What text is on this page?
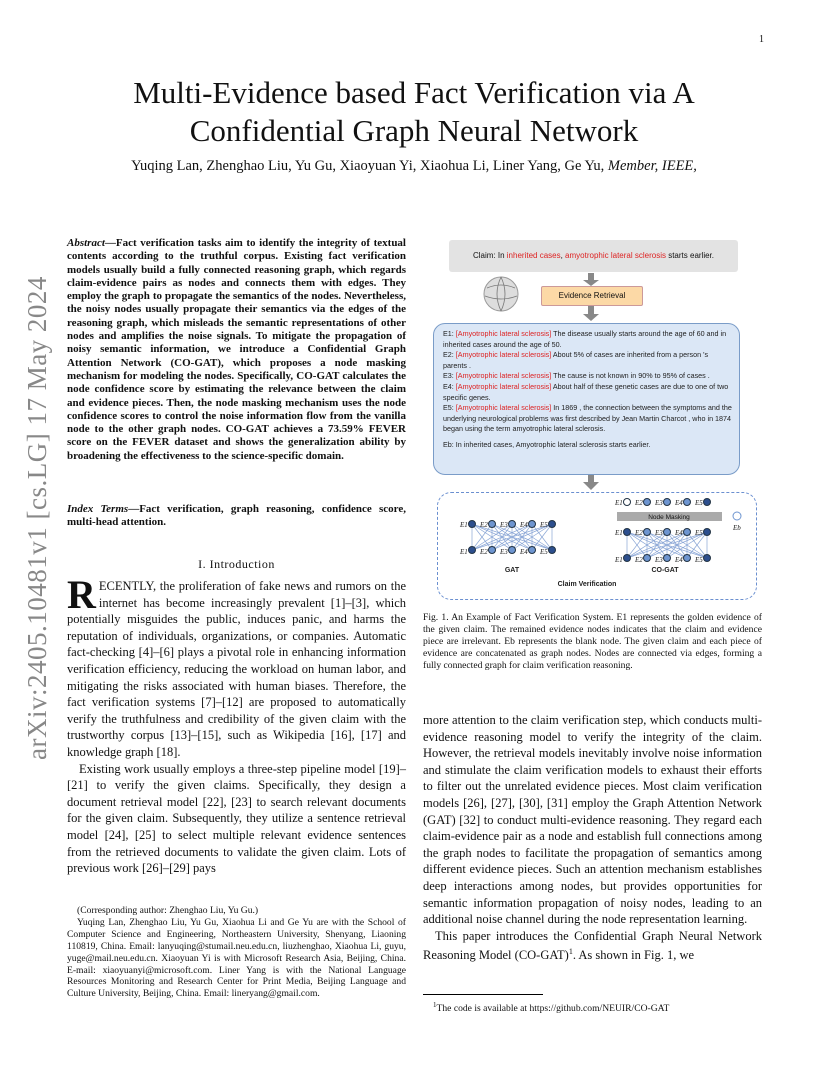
1
arXiv:2405.10481v1 [cs.LG] 17 May 2024
Multi-Evidence based Fact Verification via A Confidential Graph Neural Network
Yuqing Lan, Zhenghao Liu, Yu Gu, Xiaoyuan Yi, Xiaohua Li, Liner Yang, Ge Yu, Member, IEEE,
Abstract—Fact verification tasks aim to identify the integrity of textual contents according to the truthful corpus. Existing fact verification models usually build a fully connected reasoning graph, which regards claim-evidence pairs as nodes and connects them with edges. They employ the graph to propagate the semantics of the nodes. Nevertheless, the noisy nodes usually propagate their semantics via the edges of the reasoning graph, which misleads the semantic representations of other nodes and amplifies the noise signals. To mitigate the propagation of noisy semantic information, we introduce a Confidential Graph Attention Network (CO-GAT), which proposes a node masking mechanism for modeling the nodes. Specifically, CO-GAT calculates the node confidence score by estimating the relevance between the claim and evidence pieces. Then, the node masking mechanism uses the node confidence scores to control the noise information flow from the vanilla node to the other graph nodes. CO-GAT achieves a 73.59% FEVER score on the FEVER dataset and shows the generalization ability by broadening the effectiveness to the science-specific domain.
Index Terms—Fact verification, graph reasoning, confidence score, multi-head attention.
I. Introduction

RECENTLY, the proliferation of fake news and rumors on the internet has become increasingly prevalent [1]–[3], which potentially misguides the public, induces panic, and harms the reputation of individuals, organizations, or companies. Automatic fact-checking [4]–[6] plays a pivotal role in enhancing information verification efficiency, reducing the workload on human labor, and mitigating the risks associated with human biases. Therefore, the fact verification systems [7]–[12] are proposed to automatically verify the truthfulness and credibility of the given claim with the trustworthy corpus [13]–[15], such as Wikipedia [16], [17] and knowledge graph [18].

Existing work usually employs a three-step pipeline model [19]–[21] to verify the given claims. Specifically, they design a document retrieval model [22], [23] to search relevant documents for the given claim. Subsequently, they utilize a sentence retrieval model [24], [25] to select multiple relevant evidence sentences from the retrieved documents to validate the given claim. Lots of previous work [26]–[29] pays

(Corresponding author: Zhenghao Liu, Yu Gu.)

Yuqing Lan, Zhenghao Liu, Yu Gu, Xiaohua Li and Ge Yu are with the School of Computer Science and Engineering, Northeastern University, Shenyang, Liaoning 110819, China. Email: lanyuqing@stumail.neu.edu.cn, liuzhenghao, Xiaohua Li, guyu, yuge@mail.neu.edu.cn. Xiaoyuan Yi is with Microsoft Research Asia, Beijing, China. E-mail: xiaoyuanyi@microsoft.com. Liner Yang is with the National Language Resources Monitoring and Research Center for Print Media, Beijing Language and Culture University, Beijing, China. Email: lineryang@gmail.com.

Claim: In inherited cases, amyotrophic lateral sclerosis starts earlier.
Evidence Retrieval
E1: [Amyotrophic lateral sclerosis] The disease usually starts around the age of 60 and in inherited cases around the age of 50.
E2: [Amyotrophic lateral sclerosis] About 5% of cases are inherited from a person 's parents .
E3: [Amyotrophic lateral sclerosis] The cause is not known in 90% to 95% of cases .
E4: [Amyotrophic lateral sclerosis] About half of these genetic cases are due to one of two specific genes.
E5: [Amyotrophic lateral sclerosis] In 1869 , the connection between the symptoms and the underlying neurological problems was first described by Jean Martin Charcot , who in 1874 began using the term amyotrophic lateral sclerosis.
Eb: In inherited cases, Amyotrophic lateral sclerosis starts earlier.
E1
E1
E2
E2
E3
E3
E4
E4
E5
E5
GAT
E1 E2 E3 E4 E5
Node Masking
Eb
E1
E1
E2
E2
E3
E3
E4
E4
E5
E5
CO-GAT
Claim Verification
Fig. 1. An Example of Fact Verification System. E1 represents the golden evidence of the given claim. The remained evidence nodes indicates that the claim and evidence piece are irrelevant. Eb represents the blank node. The given claim and each piece of evidence are concatenated as graph nodes. Nodes are connected via edges, forming a fully connected graph for claim verification reasoning.

more attention to the claim verification step, which conducts multi-evidence reasoning model to verify the integrity of the claim. However, the retrieval models inevitably involve noise information and stimulate the claim verification models to exhaust their efforts to filter out the unrelated evidence pieces. Most claim verification models [26], [27], [30], [31] employ the Graph Attention Network (GAT) [32] to conduct multi-evidence reasoning. They regard each claim-evidence pair as a node and establish full connections among the graph nodes to facilitate the propagation of semantics among different evidence pieces. Such an attention mechanism establishes deep interactions among nodes, but provides opportunities for semantic information propagation of noisy nodes, leading to an additional noise channel during the node representation learning.

This paper introduces the Confidential Graph Neural Network Reasoning Model $(CO-GAT)^1$. As shown in Fig. 1, we

$^1$The code is available at https://github.com/NEUIR/CO-GAT
